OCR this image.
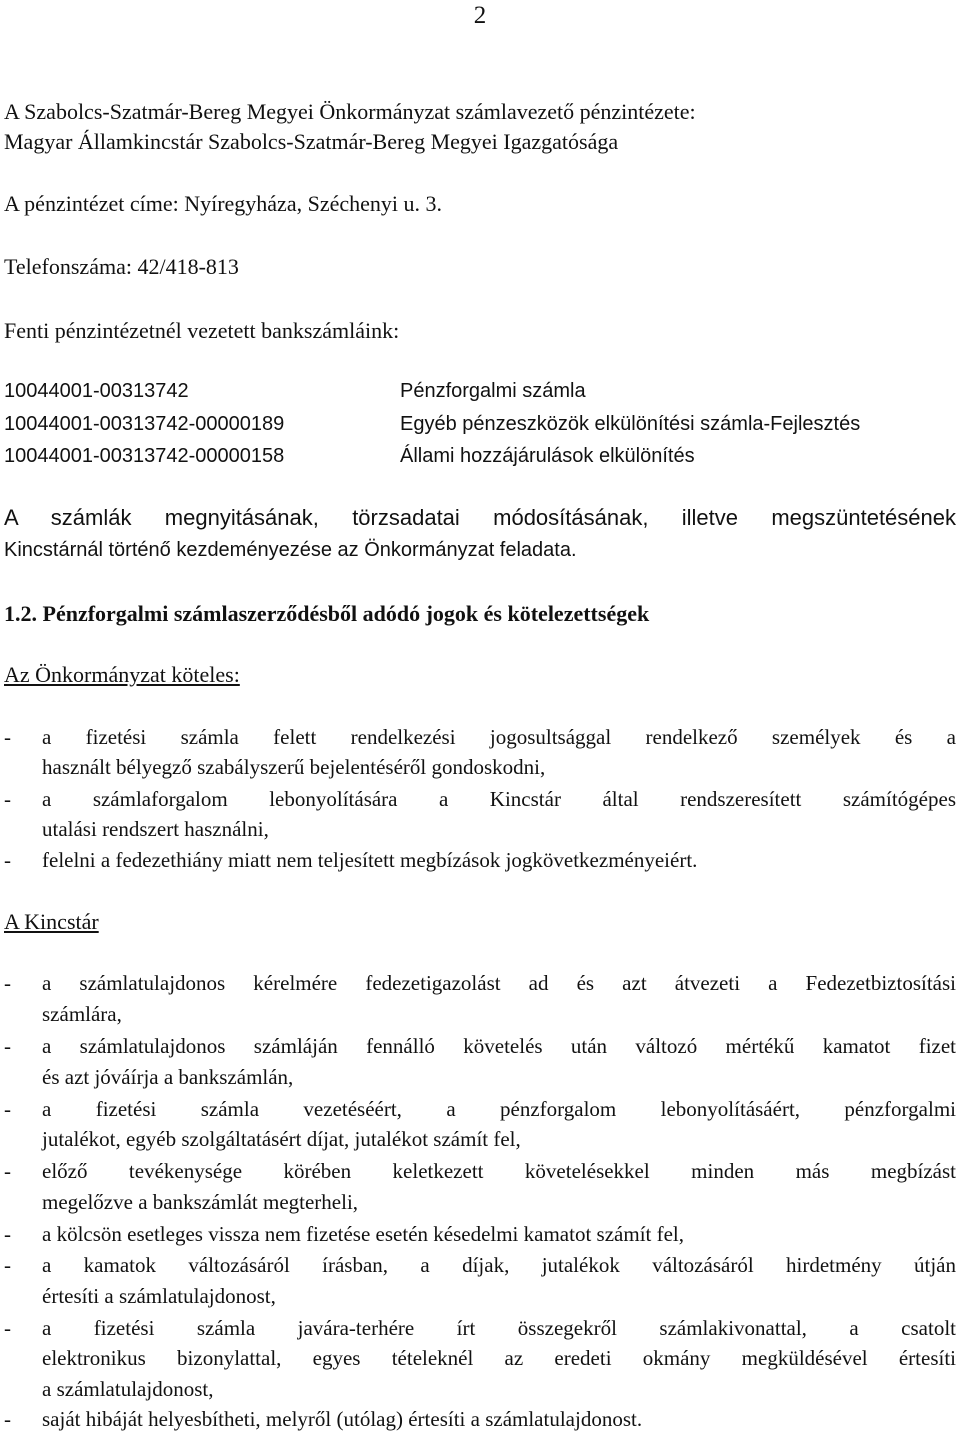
2
A Szabolcs-Szatmár-Bereg Megyei Önkormányzat számlavezető pénzintézete:
Magyar Államkincstár Szabolcs-Szatmár-Bereg Megyei Igazgatósága
A pénzintézet címe: Nyíregyháza, Széchenyi u. 3.
Telefonszáma: 42/418-813
Fenti pénzintézetnél vezetett bankszámláink:
10044001-00313742	Pénzforgalmi számla
10044001-00313742-00000189	Egyéb pénzeszközök elkülönítési számla-Fejlesztés
10044001-00313742-00000158	Állami hozzájárulások elkülönítés
A számlák megnyitásának, törzsadatai módosításának, illetve megszüntetésének
Kincstárnál történő kezdeményezése az Önkormányzat feladata.
1.2. Pénzforgalmi számlaszerződésből adódó jogok és kötelezettségek
Az Önkormányzat köteles:
- a fizetési számla felett rendelkezési jogosultsággal rendelkező személyek és a
használt bélyegző szabályszerű bejelentéséről gondoskodni,
- a számlaforgalom lebonyolítására a Kincstár által rendszeresített számítógépes
utalási rendszert használni,
- felelni a fedezethiány miatt nem teljesített megbízások jogkövetkezményeiért.
A Kincstár
- a számlatulajdonos kérelmére fedezetigazolást ad és azt átvezeti a Fedezetbiztosítási
számlára,
- a számlatulajdonos számláján fennálló követelés után változó mértékű kamatot fizet
és azt jóváírja a bankszámlán,
- a fizetési számla vezetéséért, a pénzforgalom lebonyolításáért, pénzforgalmi
jutalékot, egyéb szolgáltatásért díjat, jutalékot számít fel,
- előző tevékenysége körében keletkezett követelésekkel minden más megbízást
megelőzve a bankszámlát megterheli,
- a kölcsön esetleges vissza nem fizetése esetén késedelmi kamatot számít fel,
- a kamatok változásáról írásban, a díjak, jutalékok változásáról hirdetmény útján
értesíti a számlatulajdonost,
- a fizetési számla javára-terhére írt összegekről számlakivonattal, a csatolt
elektronikus bizonylattal, egyes tételeknél az eredeti okmány megküldésével értesíti
a számlatulajdonost,
- saját hibáját helyesbítheti, melyről (utólag) értesíti a számlatulajdonost.
